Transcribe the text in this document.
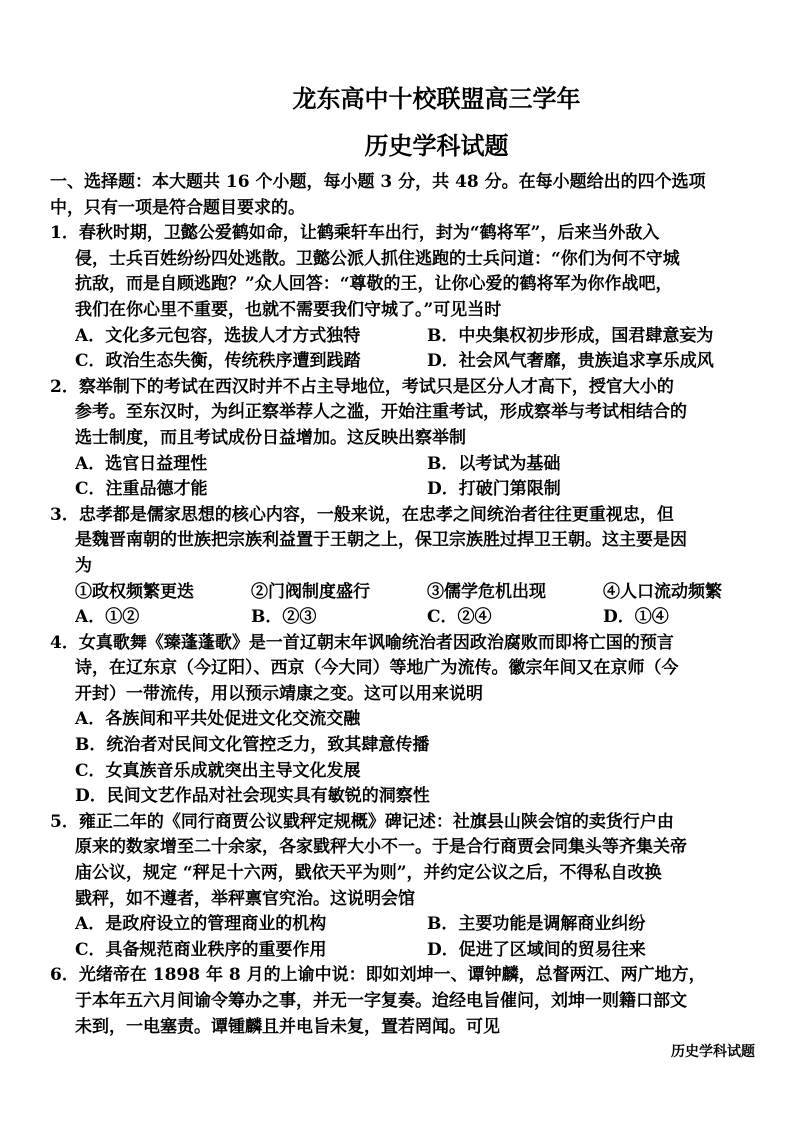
龙东高中十校联盟高三学年
历史学科试题
一、选择题：本大题共 16 个小题，每小题 3 分，共 48 分。在每小题给出的四个选项
中，只有一项是符合题目要求的。
1．春秋时期，卫懿公爱鹤如命，让鹤乘轩车出行，封为“鹤将军”，后来当外敌入
侵，士兵百姓纷纷四处逃散。卫懿公派人抓住逃跑的士兵问道：“你们为何不守城
抗敌，而是自顾逃跑？”众人回答：“尊敬的王，让你心爱的鹤将军为你作战吧，
我们在你心里不重要，也就不需要我们守城了。”可见当时
A．文化多元包容，选拔人才方式独特	B．中央集权初步形成，国君肆意妄为
C．政治生态失衡，传统秩序遭到践踏	D．社会风气奢靡，贵族追求享乐成风
2．察举制下的考试在西汉时并不占主导地位，考试只是区分人才高下，授官大小的
参考。至东汉时，为纠正察举荐人之滥，开始注重考试，形成察举与考试相结合的
选士制度，而且考试成份日益增加。这反映出察举制
A．选官日益理性	B．以考试为基础
C．注重品德才能	D．打破门第限制
3．忠孝都是儒家思想的核心内容，一般来说，在忠孝之间统治者往往更重视忠，但
是魏晋南朝的世族把宗族利益置于王朝之上，保卫宗族胜过捍卫王朝。这主要是因
为
①政权频繁更迭	②门阀制度盛行	③儒学危机出现	④人口流动频繁
A．①②	B．②③	C．②④	D．①④
4．女真歌舞《臻蓬蓬歌》是一首辽朝末年讽喻统治者因政治腐败而即将亡国的预言
诗，在辽东京（今辽阳）、西京（今大同）等地广为流传。徽宗年间又在京师（今
开封）一带流传，用以预示靖康之变。这可以用来说明
A．各族间和平共处促进文化交流交融
B．统治者对民间文化管控乏力，致其肆意传播
C．女真族音乐成就突出主导文化发展
D．民间文艺作品对社会现实具有敏锐的洞察性
5．雍正二年的《同行商贾公议戥秤定规概》碑记述：社旗县山陕会馆的卖货行户由
原来的数家增至二十余家，各家戥秤大小不一。于是合行商贾会同集头等齐集关帝
庙公议，规定 “秤足十六两，戥依天平为则”，并约定公议之后，不得私自改换
戥秤，如不遵者，举秤禀官究治。这说明会馆
A．是政府设立的管理商业的机构	B．主要功能是调解商业纠纷
C．具备规范商业秩序的重要作用	D．促进了区域间的贸易往来
6．光绪帝在 1898 年 8 月的上谕中说：即如刘坤一、谭钟麟，总督两江、两广地方，
于本年五六月间谕令筹办之事，并无一字复奏。迨经电旨催问，刘坤一则籍口部文
未到，一电塞责。谭锺麟且并电旨未复，置若罔闻。可见
历史学科试题
